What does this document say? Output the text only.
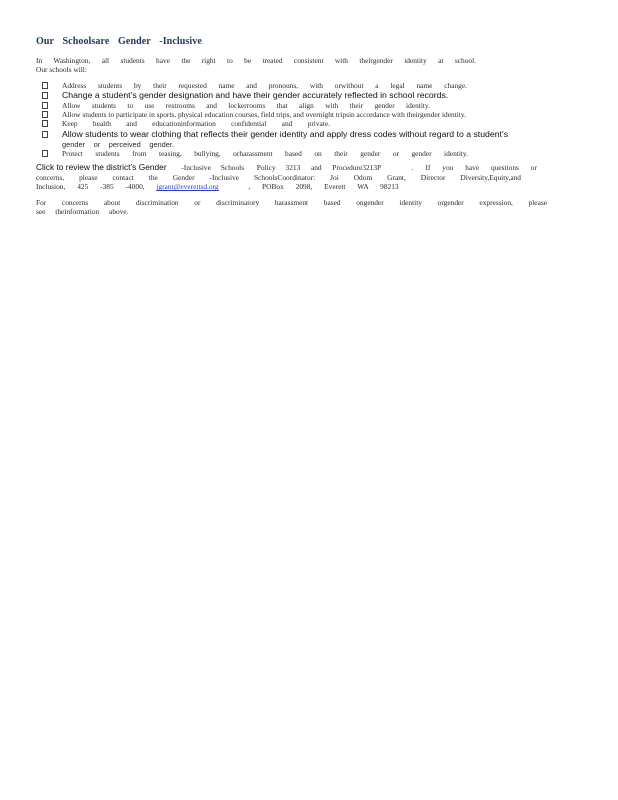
Our Schoolsare Gender -Inclusive
In Washington, all students have the right to be treated consistent with theirgender identity at school.
Our schools will:
Address students by their requested name and pronouns, with orwithout a legal name change.
Change a student’s gender designation and have their gender accurately reflected in school records.
Allow students to use restrooms and lockerrooms that align with their gender identity.
Allow students to participate in sports, physical education courses, field trips, and overnight tripsin accordance with theirgender identity.
Keep health and educationinformation confidential and private.
Allow students to wear clothing that reflects their gender identity and apply dress codes without regard to a student’s
gender or perceived gender.
Protect students from teasing, bullying, orharassment based on their gender or gender identity.
Click to review the district’s Gender -Inclusive Schools Policy 3213 and Procedure3213P	. If you have questions or
concerns, please contact the Gender -Inclusive SchoolsCoordinator: Joi Odom Grant, Director Diversity,Equity,and
Inclusion, 425 -385 -4000, jgrant@everettsd.org	, POBox 2098, Everett WA 98213
For concerns about discrimination or discriminatory harassment based ongender identity orgender expression, please
see theinformation above.
